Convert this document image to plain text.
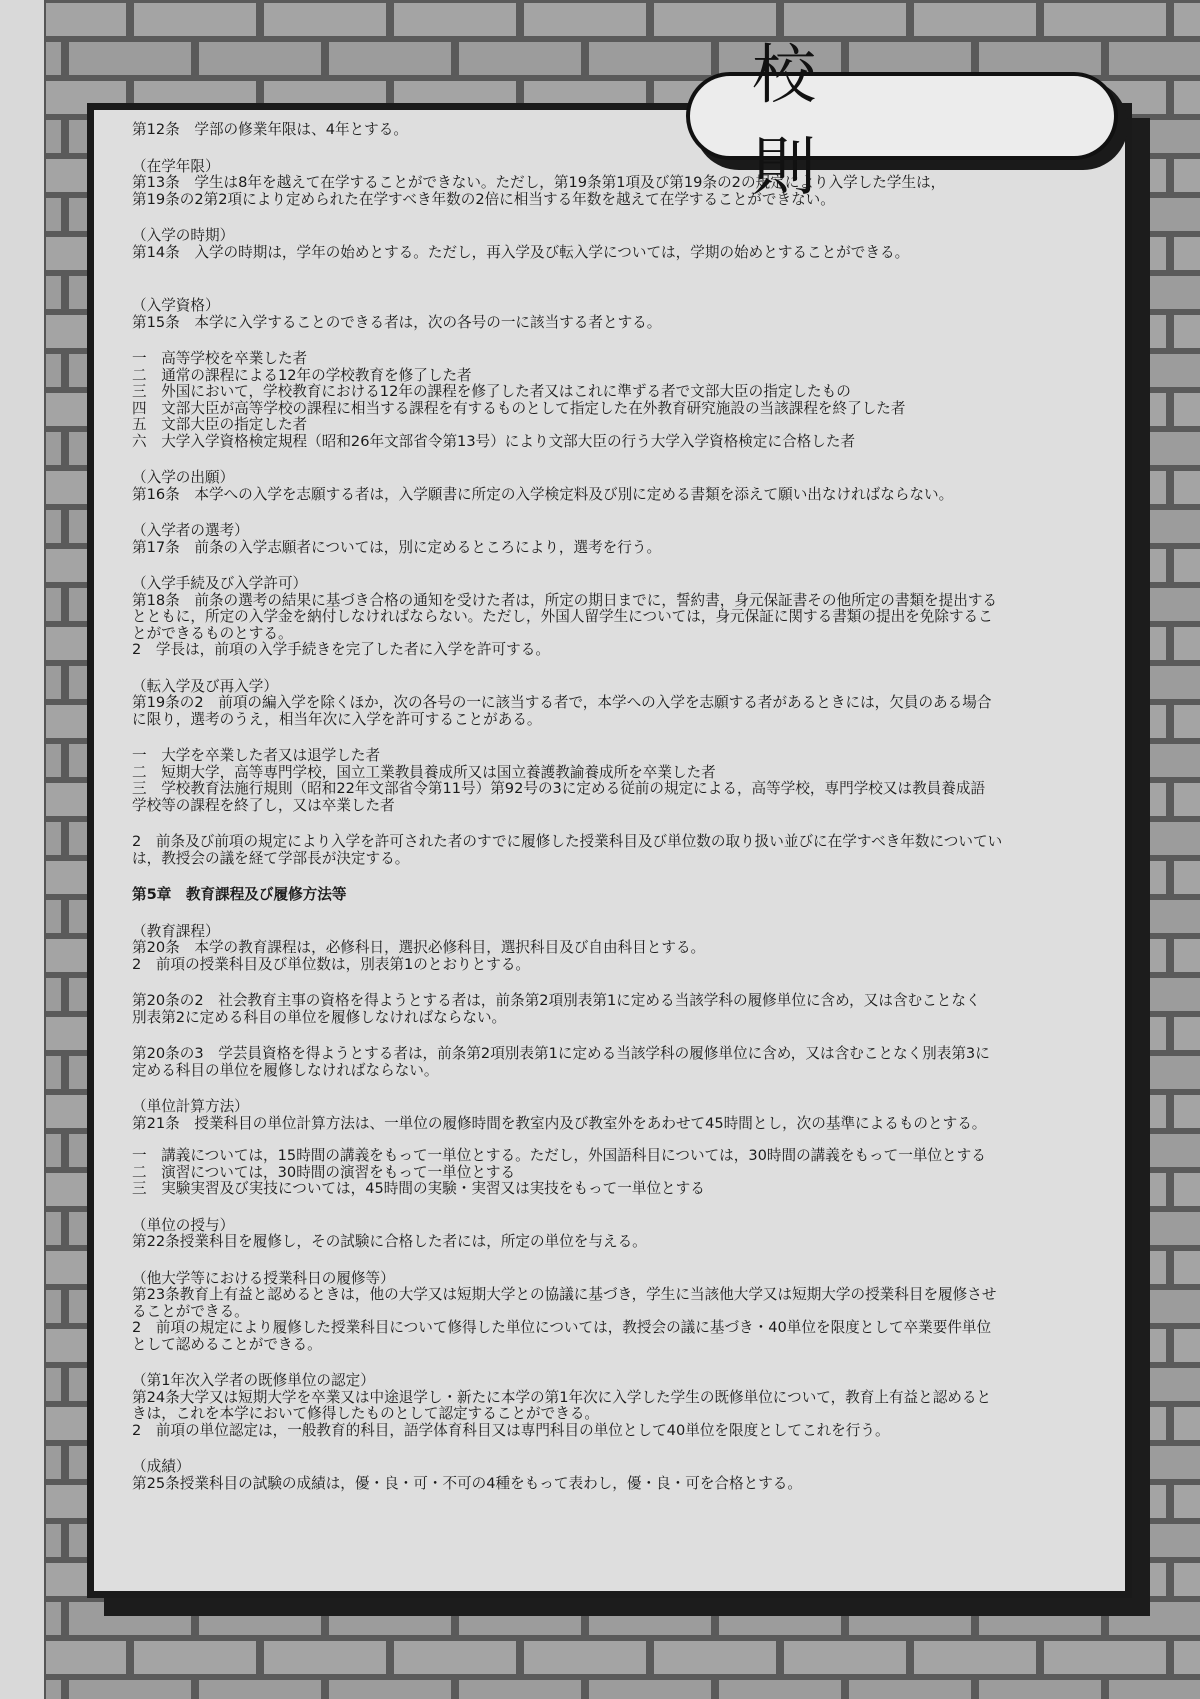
第12条　学部の修業年限は、4年とする。
（在学年限）
第13条　学生は8年を越えて在学することができない。ただし，第19条第1項及び第19条の2の規定により入学した学生は，
第19条の2第2項により定められた在学すべき年数の2倍に相当する年数を越えて在学することができない。
（入学の時期）
第14条　入学の時期は，学年の始めとする。ただし，再入学及び転入学については，学期の始めとすることができる。
（入学資格）
第15条　本学に入学することのできる者は，次の各号の一に該当する者とする。
一　高等学校を卒業した者
二　通常の課程による12年の学校教育を修了した者
三　外国において，学校教育における12年の課程を修了した者又はこれに準ずる者で文部大臣の指定したもの
四　文部大臣が高等学校の課程に相当する課程を有するものとして指定した在外教育研究施設の当該課程を終了した者
五　文部大臣の指定した者
六　大学入学資格検定規程（昭和26年文部省令第13号）により文部大臣の行う大学入学資格検定に合格した者
（入学の出願）
第16条　本学への入学を志願する者は，入学願書に所定の入学検定料及び別に定める書類を添えて願い出なければならない。
（入学者の選考）
第17条　前条の入学志願者については，別に定めるところにより，選考を行う。
（入学手続及び入学許可）
第18条　前条の選考の結果に基づき合格の通知を受けた者は，所定の期日までに，誓約書，身元保証書その他所定の書類を提出する
とともに，所定の入学金を納付しなければならない。ただし，外国人留学生については，身元保証に関する書類の提出を免除するこ
とができるものとする。
2　学長は，前項の入学手続きを完了した者に入学を許可する。
（転入学及び再入学）
第19条の2　前項の編入学を除くほか，次の各号の一に該当する者で，本学への入学を志願する者があるときには，欠員のある場合
に限り，選考のうえ，相当年次に入学を許可することがある。
一　大学を卒業した者又は退学した者
二　短期大学，高等専門学校，国立工業教員養成所又は国立養護教諭養成所を卒業した者
三　学校教育法施行規則（昭和22年文部省令第11号）第92号の3に定める従前の規定による，高等学校，専門学校又は教員養成語
学校等の課程を終了し，又は卒業した者
2　前条及び前項の規定により入学を許可された者のすでに履修した授業科目及び単位数の取り扱い並びに在学すべき年数についてい
は，教授会の議を経て学部長が決定する。
第5章　教育課程及び履修方法等
（教育課程）
第20条　本学の教育課程は，必修科日，選択必修科目，選択科目及び自由科目とする。
2　前項の授業科目及び単位数は，別表第1のとおりとする。
第20条の2　社会教育主事の資格を得ようとする者は，前条第2項別表第1に定める当該学科の履修単位に含め，又は含むことなく
別表第2に定める科目の単位を履修しなければならない。
第20条の3　学芸員資格を得ようとする者は，前条第2項別表第1に定める当該学科の履修単位に含め，又は含むことなく別表第3に
定める科目の単位を履修しなければならない。
（単位計算方法）
第21条　授業科目の単位計算方法は、一単位の履修時間を教室内及び教室外をあわせて45時間とし，次の基準によるものとする。
一　講義については，15時間の講義をもって一単位とする。ただし，外国語科目については，30時間の講義をもって一単位とする
二　演習については，30時間の演習をもって一単位とする
三　実験実習及び実技については，45時間の実験・実習又は実技をもって一単位とする
（単位の授与）
第22条授業科目を履修し，その試験に合格した者には，所定の単位を与える。
（他大学等における授業科日の履修等）
第23条教育上有益と認めるときは，他の大学又は短期大学との協議に基づき，学生に当該他大学又は短期大学の授業科目を履修させ
ることができる。
2　前項の規定により履修した授業科目について修得した単位については，教授会の議に基づき・40単位を限度として卒業要件単位
として認めることができる。
（第1年次入学者の既修単位の認定）
第24条大学又は短期大学を卒業又は中途退学し・新たに本学の第1年次に入学した学生の既修単位について，教育上有益と認めると
きは，これを本学において修得したものとして認定することができる。
2　前項の単位認定は，一般教育的科目，語学体育科目又は専門科目の単位として40単位を限度としてこれを行う。
（成績）
第25条授業科目の試験の成績は，優・良・可・不可の4種をもって表わし，優・良・可を合格とする。
校　則
